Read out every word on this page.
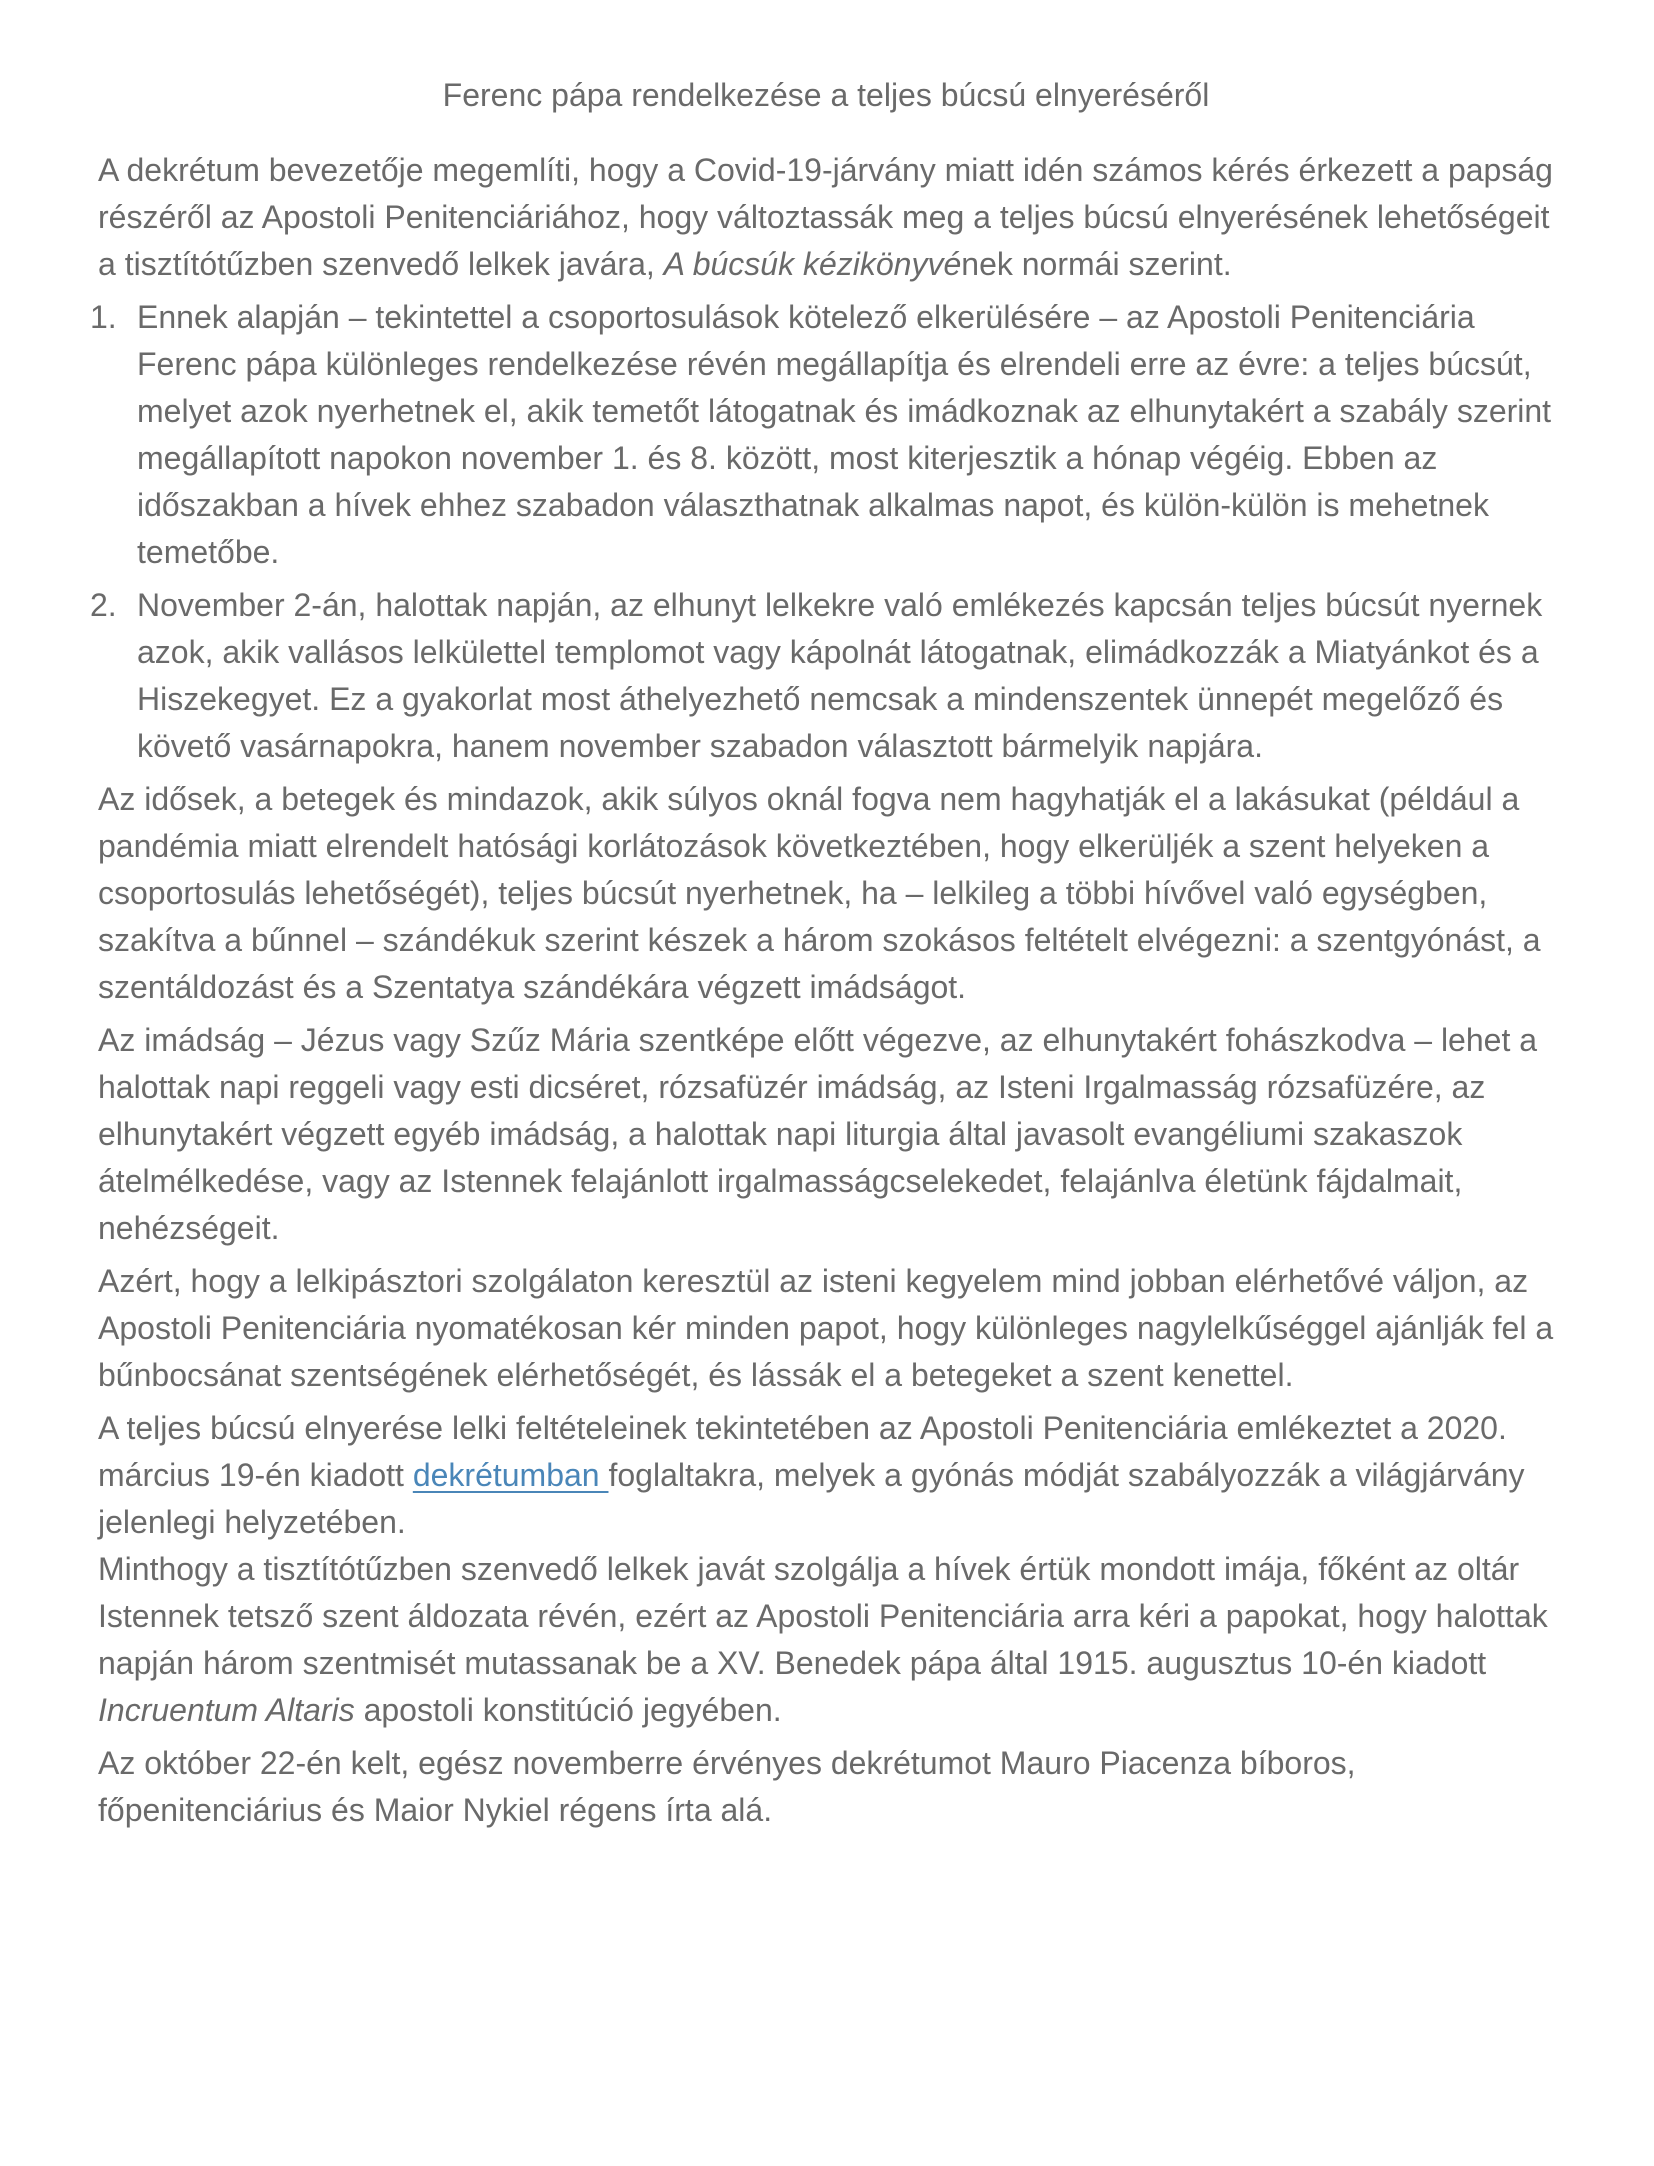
Ferenc pápa rendelkezése a teljes búcsú elnyeréséről

A dekrétum bevezetője megemlíti, hogy a Covid-19-járvány miatt idén számos kérés érkezett a papság részéről az Apostoli Penitenciáriához, hogy változtassák meg a teljes búcsú elnyerésének lehetőségeit a tisztítótűzben szenvedő lelkek javára, A búcsúk kézikönyvének normái szerint.

1. Ennek alapján – tekintettel a csoportosulások kötelező elkerülésére – az Apostoli Penitenciária Ferenc pápa különleges rendelkezése révén megállapítja és elrendeli erre az évre: a teljes búcsút, melyet azok nyerhetnek el, akik temetőt látogatnak és imádkoznak az elhunytakért a szabály szerint megállapított napokon november 1. és 8. között, most kiterjesztik a hónap végéig. Ebben az időszakban a hívek ehhez szabadon választhatnak alkalmas napot, és külön-külön is mehetnek temetőbe.
2. November 2-án, halottak napján, az elhunyt lelkekre való emlékezés kapcsán teljes búcsút nyernek azok, akik vallásos lelkülettel templomot vagy kápolnát látogatnak, elimádkozzák a Miatyánkot és a Hiszekegyet. Ez a gyakorlat most áthelyezhető nemcsak a mindenszentek ünnepét megelőző és követő vasárnapokra, hanem november szabadon választott bármelyik napjára.

Az idősek, a betegek és mindazok, akik súlyos oknál fogva nem hagyhatják el a lakásukat (például a pandémia miatt elrendelt hatósági korlátozások következtében, hogy elkerüljék a szent helyeken a csoportosulás lehetőségét), teljes búcsút nyerhetnek, ha – lelkileg a többi hívővel való egységben, szakítva a bűnnel – szándékuk szerint készek a három szokásos feltételt elvégezni: a szentgyónást, a szentáldozást és a Szentatya szándékára végzett imádságot.

Az imádság – Jézus vagy Szűz Mária szentképe előtt végezve, az elhunytakért fohászkodva – lehet a halottak napi reggeli vagy esti dicséret, rózsafüzér imádság, az Isteni Irgalmasság rózsafüzére, az elhunytakért végzett egyéb imádság, a halottak napi liturgia által javasolt evangéliumi szakaszok átelmélkedése, vagy az Istennek felajánlott irgalmasságcselekedet, felajánlva életünk fájdalmait, nehézségeit.

Azért, hogy a lelkipásztori szolgálaton keresztül az isteni kegyelem mind jobban elérhetővé váljon, az Apostoli Penitenciária nyomatékosan kér minden papot, hogy különleges nagylelkűséggel ajánlják fel a bűnbocsánat szentségének elérhetőségét, és lássák el a betegeket a szent kenettel.

A teljes búcsú elnyerése lelki feltételeinek tekintetében az Apostoli Penitenciária emlékeztet a 2020. március 19-én kiadott dekrétumban foglaltakra, melyek a gyónás módját szabályozzák a világjárvány jelenlegi helyzetében.
Minthogy a tisztítótűzben szenvedő lelkek javát szolgálja a hívek értük mondott imája, főként az oltár Istennek tetsző szent áldozata révén, ezért az Apostoli Penitenciária arra kéri a papokat, hogy halottak napján három szentmisét mutassanak be a XV. Benedek pápa által 1915. augusztus 10-én kiadott Incruentum Altaris apostoli konstitúció jegyében.

Az október 22-én kelt, egész novemberre érvényes dekrétumot Mauro Piacenza bíboros, főpenitenciárius és Maior Nykiel régens írta alá.
